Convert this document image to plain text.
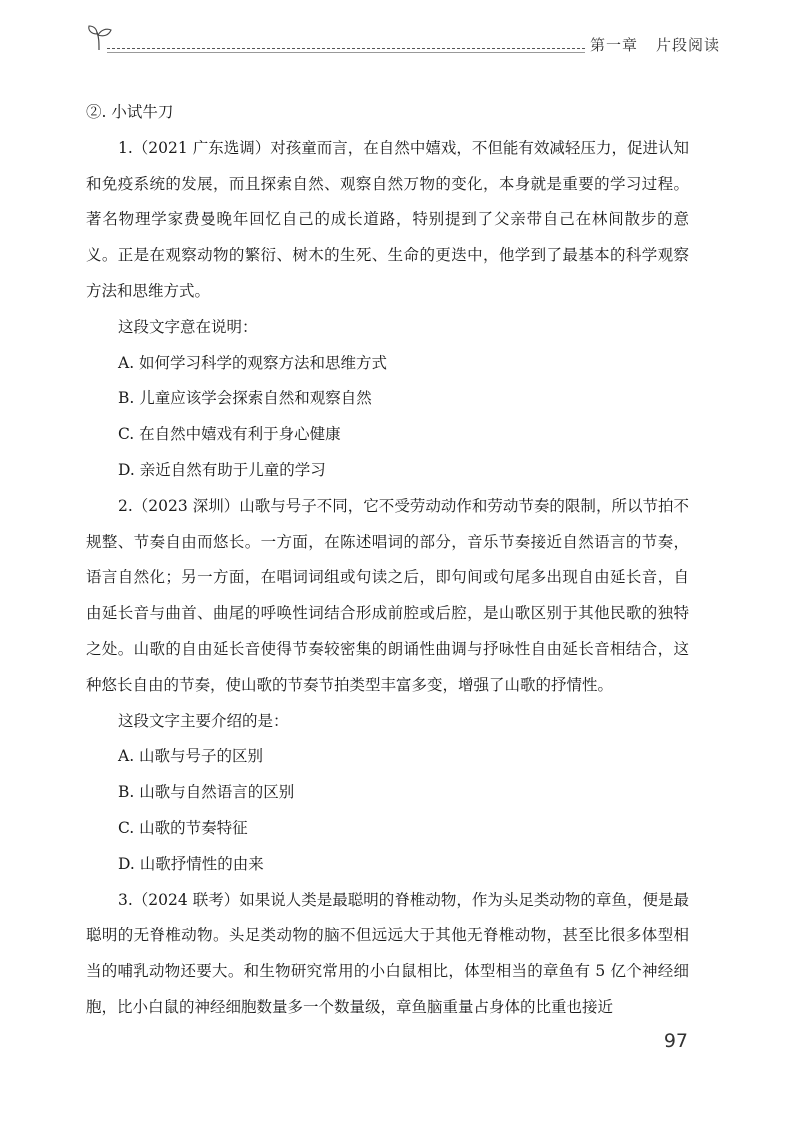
第一章 片段阅读

②. 小试牛刀

1.（2021 广东选调）对孩童而言，在自然中嬉戏，不但能有效减轻压力，促进认知和免疫系统的发展，而且探索自然、观察自然万物的变化，本身就是重要的学习过程。著名物理学家费曼晚年回忆自己的成长道路，特别提到了父亲带自己在林间散步的意义。正是在观察动物的繁衍、树木的生死、生命的更迭中，他学到了最基本的科学观察方法和思维方式。

这段文字意在说明：

A. 如何学习科学的观察方法和思维方式

B. 儿童应该学会探索自然和观察自然

C. 在自然中嬉戏有利于身心健康

D. 亲近自然有助于儿童的学习

2.（2023 深圳）山歌与号子不同，它不受劳动动作和劳动节奏的限制，所以节拍不规整、节奏自由而悠长。一方面，在陈述唱词的部分，音乐节奏接近自然语言的节奏，语言自然化；另一方面，在唱词词组或句读之后，即句间或句尾多出现自由延长音，自由延长音与曲首、曲尾的呼唤性词结合形成前腔或后腔，是山歌区别于其他民歌的独特之处。山歌的自由延长音使得节奏较密集的朗诵性曲调与抒咏性自由延长音相结合，这种悠长自由的节奏，使山歌的节奏节拍类型丰富多变，增强了山歌的抒情性。

这段文字主要介绍的是：

A. 山歌与号子的区别

B. 山歌与自然语言的区别

C. 山歌的节奏特征

D. 山歌抒情性的由来

3.（2024 联考）如果说人类是最聪明的脊椎动物，作为头足类动物的章鱼，便是最聪明的无脊椎动物。头足类动物的脑不但远远大于其他无脊椎动物，甚至比很多体型相当的哺乳动物还要大。和生物研究常用的小白鼠相比，体型相当的章鱼有 5 亿个神经细胞，比小白鼠的神经细胞数量多一个数量级，章鱼脑重量占身体的比重也接近

97
